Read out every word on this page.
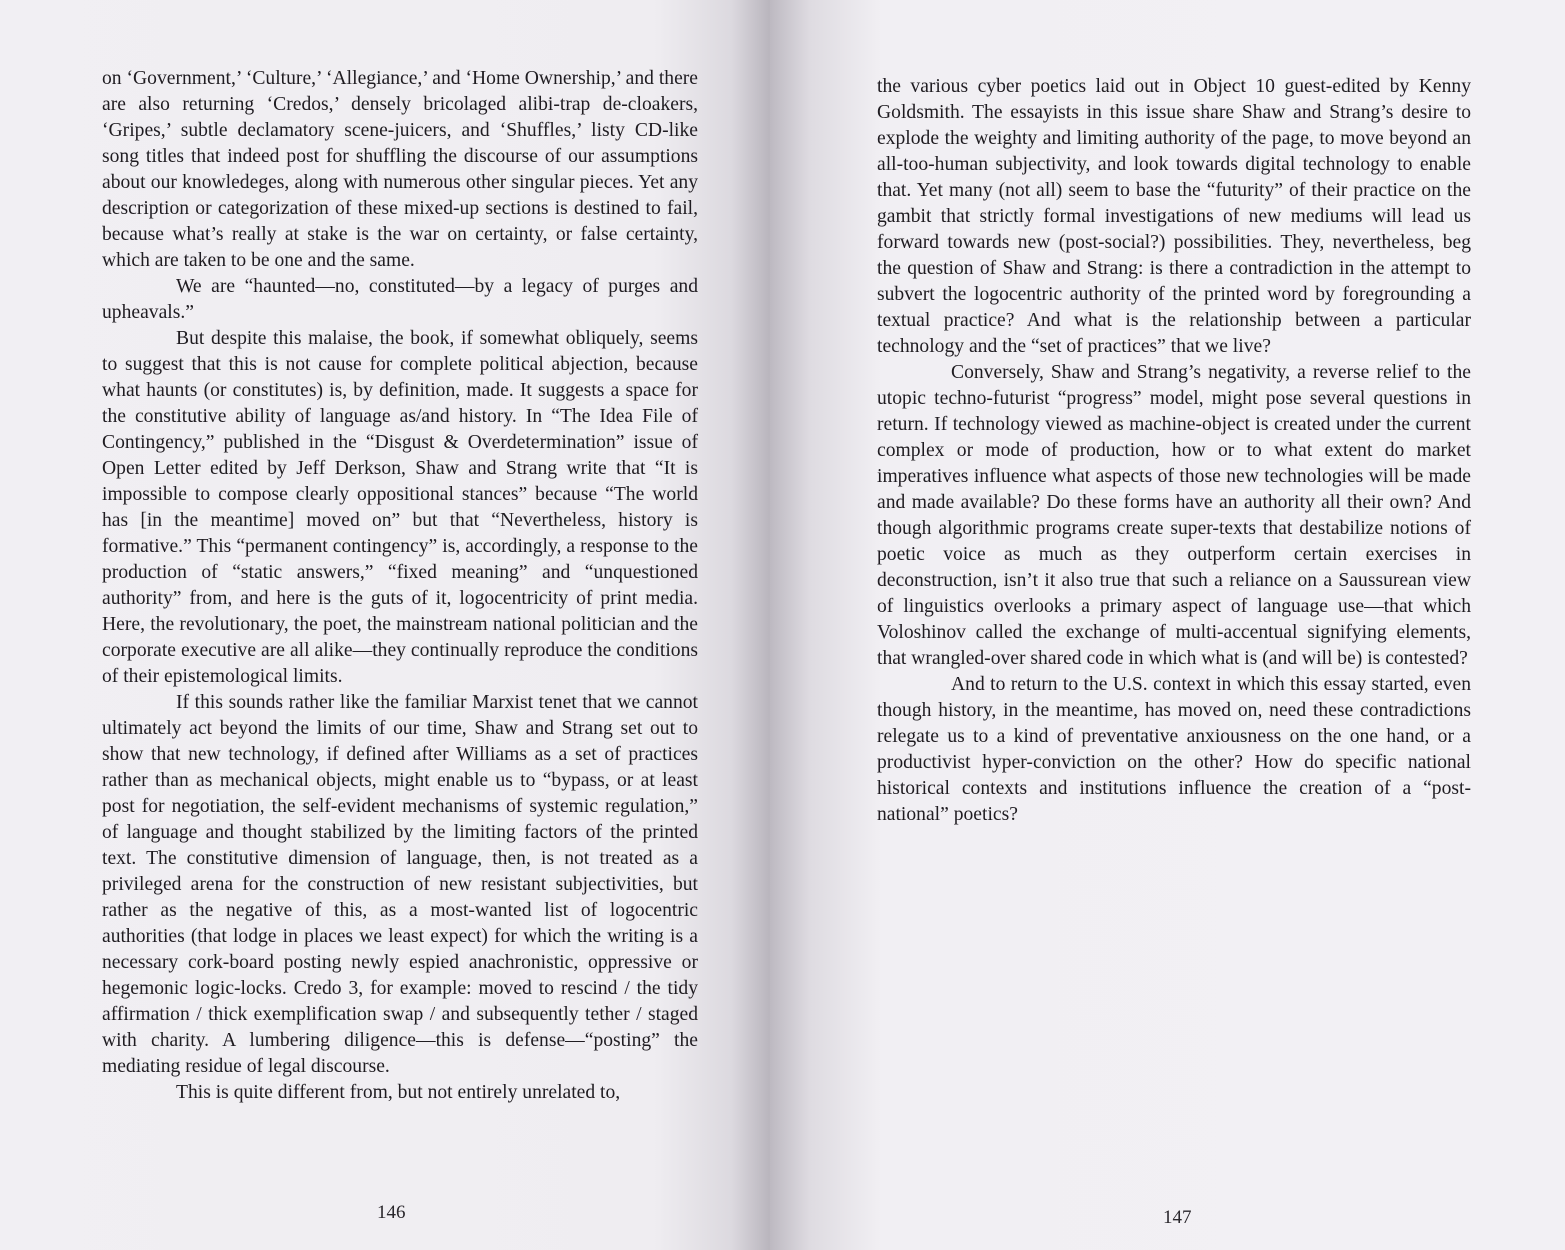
on ‘Government,’ ‘Culture,’ ‘Allegiance,’ and ‘Home Ownership,’ and there are also returning ‘Credos,’ densely bricolaged alibi-trap de-cloakers, ‘Gripes,’ subtle declamatory scene-juicers, and ‘Shuffles,’ listy CD-like song titles that indeed post for shuffling the discourse of our assumptions about our knowledeges, along with numerous other singular pieces. Yet any description or categorization of these mixed-up sections is destined to fail, because what’s really at stake is the war on certainty, or false certainty, which are taken to be one and the same.

We are “haunted—no, constituted—by a legacy of purges and upheavals.”

But despite this malaise, the book, if somewhat obliquely, seems to suggest that this is not cause for complete political abjection, because what haunts (or constitutes) is, by definition, made. It suggests a space for the constitutive ability of language as/and history. In “The Idea File of Contingency,” published in the “Disgust & Overdetermination” issue of Open Letter edited by Jeff Derkson, Shaw and Strang write that “It is impossible to compose clearly oppositional stances” because “The world has [in the meantime] moved on” but that “Nevertheless, history is formative.” This “permanent contingency” is, accordingly, a response to the production of “static answers,” “fixed meaning” and “unquestioned authority” from, and here is the guts of it, logocentricity of print media. Here, the revolutionary, the poet, the mainstream national politician and the corporate executive are all alike—they continually reproduce the conditions of their epistemological limits.

If this sounds rather like the familiar Marxist tenet that we cannot ultimately act beyond the limits of our time, Shaw and Strang set out to show that new technology, if defined after Williams as a set of practices rather than as mechanical objects, might enable us to “bypass, or at least post for negotiation, the self-evident mechanisms of systemic regulation,” of language and thought stabilized by the limiting factors of the printed text. The constitutive dimension of language, then, is not treated as a privileged arena for the construction of new resistant subjectivities, but rather as the negative of this, as a most-wanted list of logocentric authorities (that lodge in places we least expect) for which the writing is a necessary cork-board posting newly espied anachronistic, oppressive or hegemonic logic-locks. Credo 3, for example: moved to rescind / the tidy affirmation / thick exemplification swap / and subsequently tether / staged with charity. A lumbering diligence—this is defense—“posting” the mediating residue of legal discourse.

This is quite different from, but not entirely unrelated to,

146

the various cyber poetics laid out in Object 10 guest-edited by Kenny Goldsmith. The essayists in this issue share Shaw and Strang’s desire to explode the weighty and limiting authority of the page, to move beyond an all-too-human subjectivity, and look towards digital technology to enable that. Yet many (not all) seem to base the “futurity” of their practice on the gambit that strictly formal investigations of new mediums will lead us forward towards new (post-social?) possibilities. They, nevertheless, beg the question of Shaw and Strang: is there a contradiction in the attempt to subvert the logocentric authority of the printed word by foregrounding a textual practice? And what is the relationship between a particular technology and the “set of practices” that we live?

Conversely, Shaw and Strang’s negativity, a reverse relief to the utopic techno-futurist “progress” model, might pose several questions in return. If technology viewed as machine-object is created under the current complex or mode of production, how or to what extent do market imperatives influence what aspects of those new technologies will be made and made available? Do these forms have an authority all their own? And though algorithmic programs create super-texts that destabilize notions of poetic voice as much as they outperform certain exercises in deconstruction, isn’t it also true that such a reliance on a Saussurean view of linguistics overlooks a primary aspect of language use—that which Voloshinov called the exchange of multi-accentual signifying elements, that wrangled-over shared code in which what is (and will be) is contested?

And to return to the U.S. context in which this essay started, even though history, in the meantime, has moved on, need these contradictions relegate us to a kind of preventative anxiousness on the one hand, or a productivist hyper-conviction on the other? How do specific national historical contexts and institutions influence the creation of a “post-national” poetics?

147
